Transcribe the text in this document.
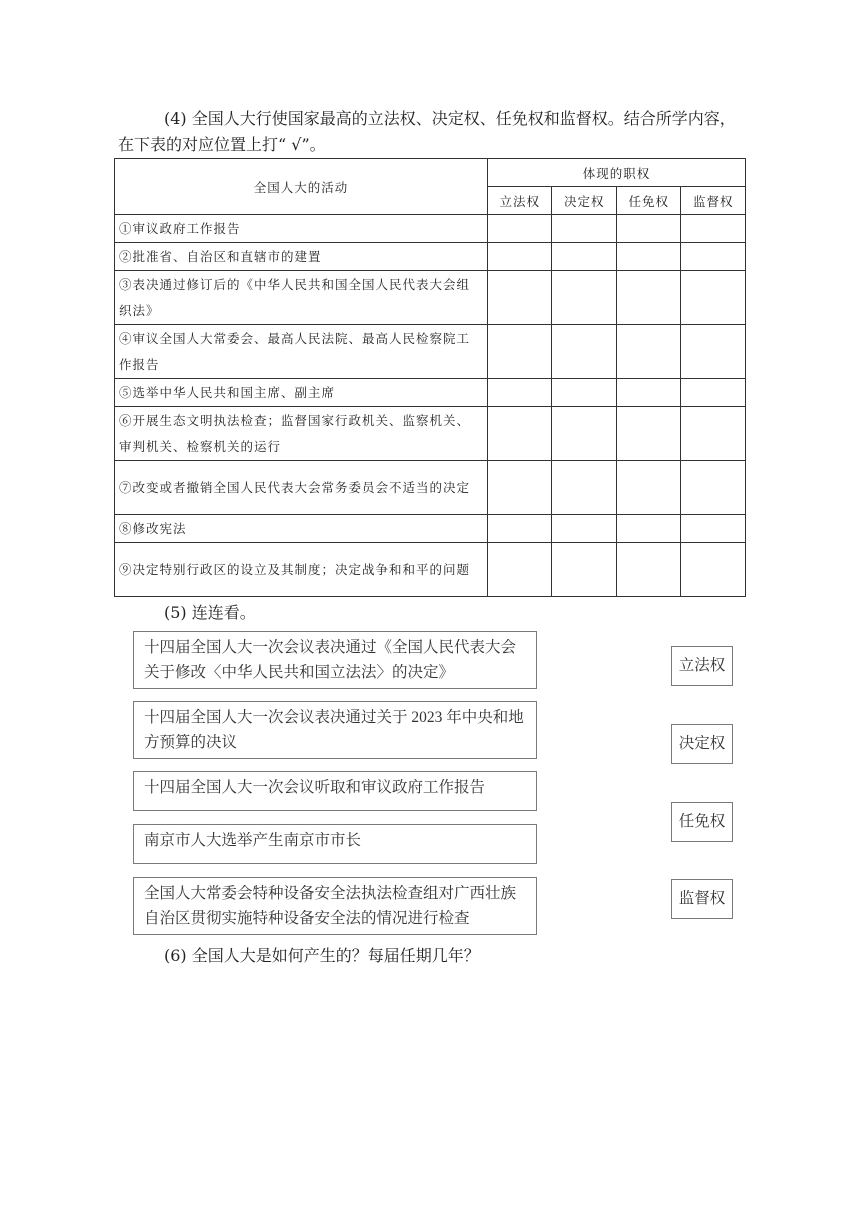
(4) 全国人大行使国家最高的立法权、决定权、任免权和监督权。结合所学内容，在下表的对应位置上打“ √”。
全国人大的活动	体现的职权			
	立法权	决定权	任免权	监督权
①审议政府工作报告				
②批准省、自治区和直辖市的建置				
③表决通过修订后的《中华人民共和国全国人民代表大会组织法》				
④审议全国人大常委会、最高人民法院、最高人民检察院工作报告				
⑤选举中华人民共和国主席、副主席				
⑥开展生态文明执法检查；监督国家行政机关、监察机关、审判机关、检察机关的运行				
⑦改变或者撤销全国人民代表大会常务委员会不适当的决定				
⑧修改宪法				
⑨决定特别行政区的设立及其制度；决定战争和和平的问题				
(5) 连连看。
十四届全国人大一次会议表决通过《全国人民代表大会关于修改〈中华人民共和国立法法〉的决定》
十四届全国人大一次会议表决通过关于 2023 年中央和地方预算的决议
十四届全国人大一次会议听取和审议政府工作报告
南京市人大选举产生南京市市长
全国人大常委会特种设备安全法执法检查组对广西壮族自治区贯彻实施特种设备安全法的情况进行检查
立法权
决定权
任免权
监督权
(6) 全国人大是如何产生的？每届任期几年？
